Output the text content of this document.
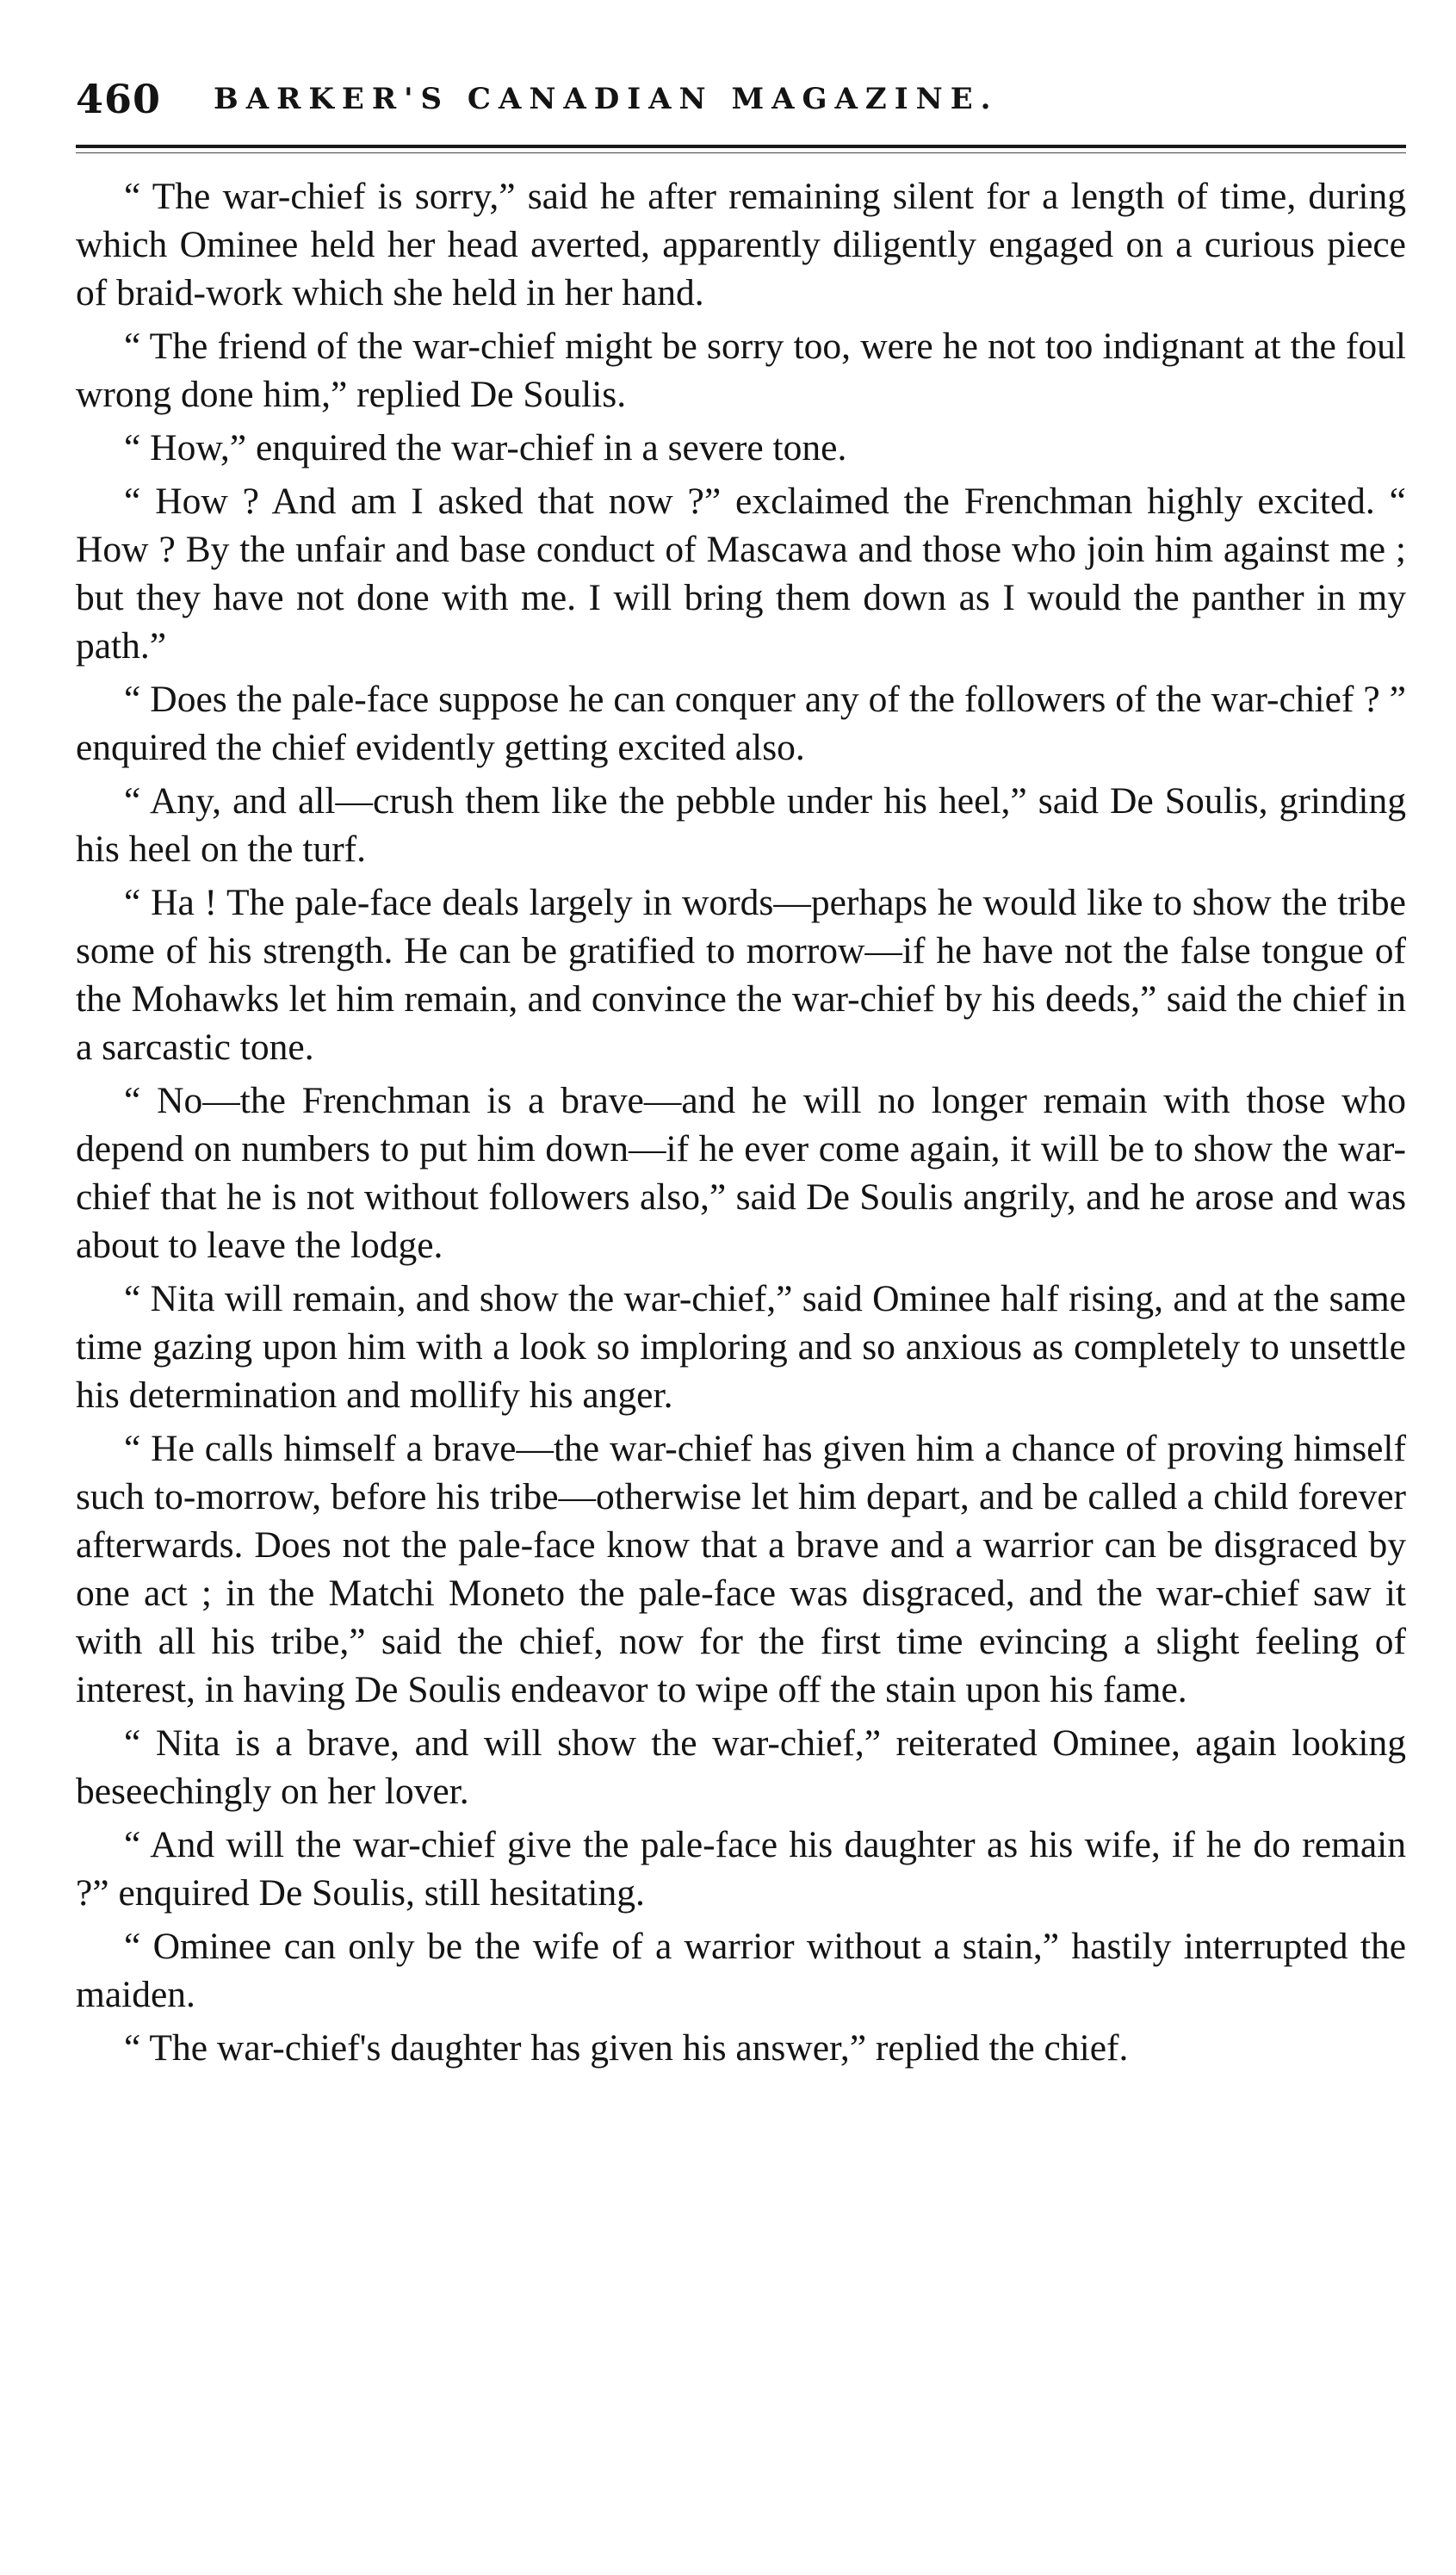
460	BARKER'S CANADIAN MAGAZINE.

“ The war-chief is sorry,” said he after remaining silent for a length of time, during which Ominee held her head averted, apparently diligently engaged on a curious piece of braid-work which she held in her hand.

“ The friend of the war-chief might be sorry too, were he not too indignant at the foul wrong done him,” replied De Soulis.

“ How,” enquired the war-chief in a severe tone.

“ How ? And am I asked that now ?” exclaimed the Frenchman highly excited. “ How ? By the unfair and base conduct of Mascawa and those who join him against me ; but they have not done with me. I will bring them down as I would the panther in my path.”

“ Does the pale-face suppose he can conquer any of the followers of the war-chief ? ” enquired the chief evidently getting excited also.

“ Any, and all—crush them like the pebble under his heel,” said De Soulis, grinding his heel on the turf.

“ Ha ! The pale-face deals largely in words—perhaps he would like to show the tribe some of his strength. He can be gratified to morrow—if he have not the false tongue of the Mohawks let him remain, and convince the war-chief by his deeds,” said the chief in a sarcastic tone.

“ No—the Frenchman is a brave—and he will no longer remain with those who depend on numbers to put him down—if he ever come again, it will be to show the war-chief that he is not without followers also,” said De Soulis angrily, and he arose and was about to leave the lodge.

“ Nita will remain, and show the war-chief,” said Ominee half rising, and at the same time gazing upon him with a look so imploring and so anxious as completely to unsettle his determination and mollify his anger.

“ He calls himself a brave—the war-chief has given him a chance of proving himself such to-morrow, before his tribe—otherwise let him depart, and be called a child forever afterwards. Does not the pale-face know that a brave and a warrior can be disgraced by one act ; in the Matchi Moneto the pale-face was disgraced, and the war-chief saw it with all his tribe,” said the chief, now for the first time evincing a slight feeling of interest, in having De Soulis endeavor to wipe off the stain upon his fame.

“ Nita is a brave, and will show the war-chief,” reiterated Ominee, again looking beseechingly on her lover.

“ And will the war-chief give the pale-face his daughter as his wife, if he do remain ?” enquired De Soulis, still hesitating.

“ Ominee can only be the wife of a warrior without a stain,” hastily interrupted the maiden.

“ The war-chief's daughter has given his answer,” replied the chief.
